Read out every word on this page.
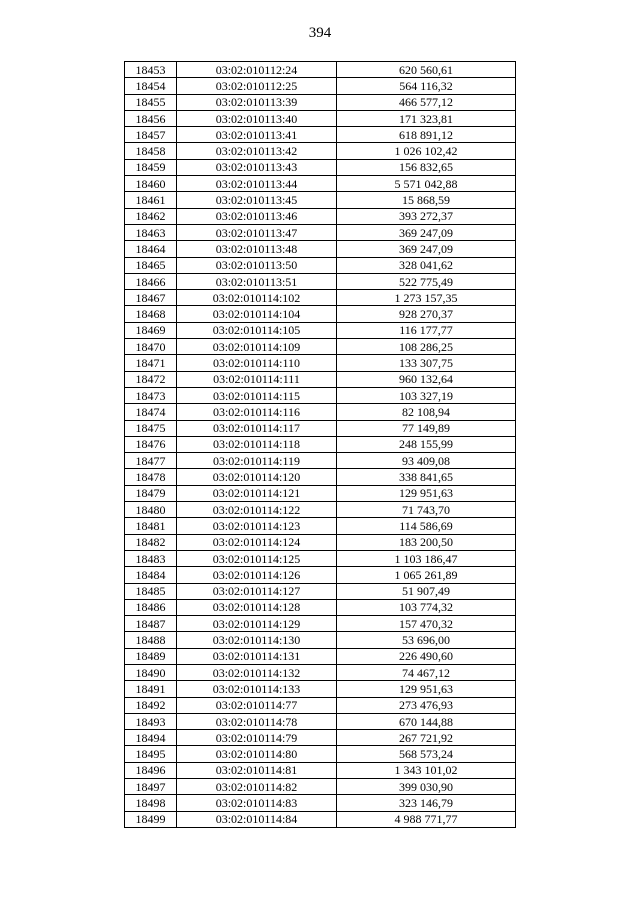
394
18453	03:02:010112:24	620 560,61
18454	03:02:010112:25	564 116,32
18455	03:02:010113:39	466 577,12
18456	03:02:010113:40	171 323,81
18457	03:02:010113:41	618 891,12
18458	03:02:010113:42	1 026 102,42
18459	03:02:010113:43	156 832,65
18460	03:02:010113:44	5 571 042,88
18461	03:02:010113:45	15 868,59
18462	03:02:010113:46	393 272,37
18463	03:02:010113:47	369 247,09
18464	03:02:010113:48	369 247,09
18465	03:02:010113:50	328 041,62
18466	03:02:010113:51	522 775,49
18467	03:02:010114:102	1 273 157,35
18468	03:02:010114:104	928 270,37
18469	03:02:010114:105	116 177,77
18470	03:02:010114:109	108 286,25
18471	03:02:010114:110	133 307,75
18472	03:02:010114:111	960 132,64
18473	03:02:010114:115	103 327,19
18474	03:02:010114:116	82 108,94
18475	03:02:010114:117	77 149,89
18476	03:02:010114:118	248 155,99
18477	03:02:010114:119	93 409,08
18478	03:02:010114:120	338 841,65
18479	03:02:010114:121	129 951,63
18480	03:02:010114:122	71 743,70
18481	03:02:010114:123	114 586,69
18482	03:02:010114:124	183 200,50
18483	03:02:010114:125	1 103 186,47
18484	03:02:010114:126	1 065 261,89
18485	03:02:010114:127	51 907,49
18486	03:02:010114:128	103 774,32
18487	03:02:010114:129	157 470,32
18488	03:02:010114:130	53 696,00
18489	03:02:010114:131	226 490,60
18490	03:02:010114:132	74 467,12
18491	03:02:010114:133	129 951,63
18492	03:02:010114:77	273 476,93
18493	03:02:010114:78	670 144,88
18494	03:02:010114:79	267 721,92
18495	03:02:010114:80	568 573,24
18496	03:02:010114:81	1 343 101,02
18497	03:02:010114:82	399 030,90
18498	03:02:010114:83	323 146,79
18499	03:02:010114:84	4 988 771,77
